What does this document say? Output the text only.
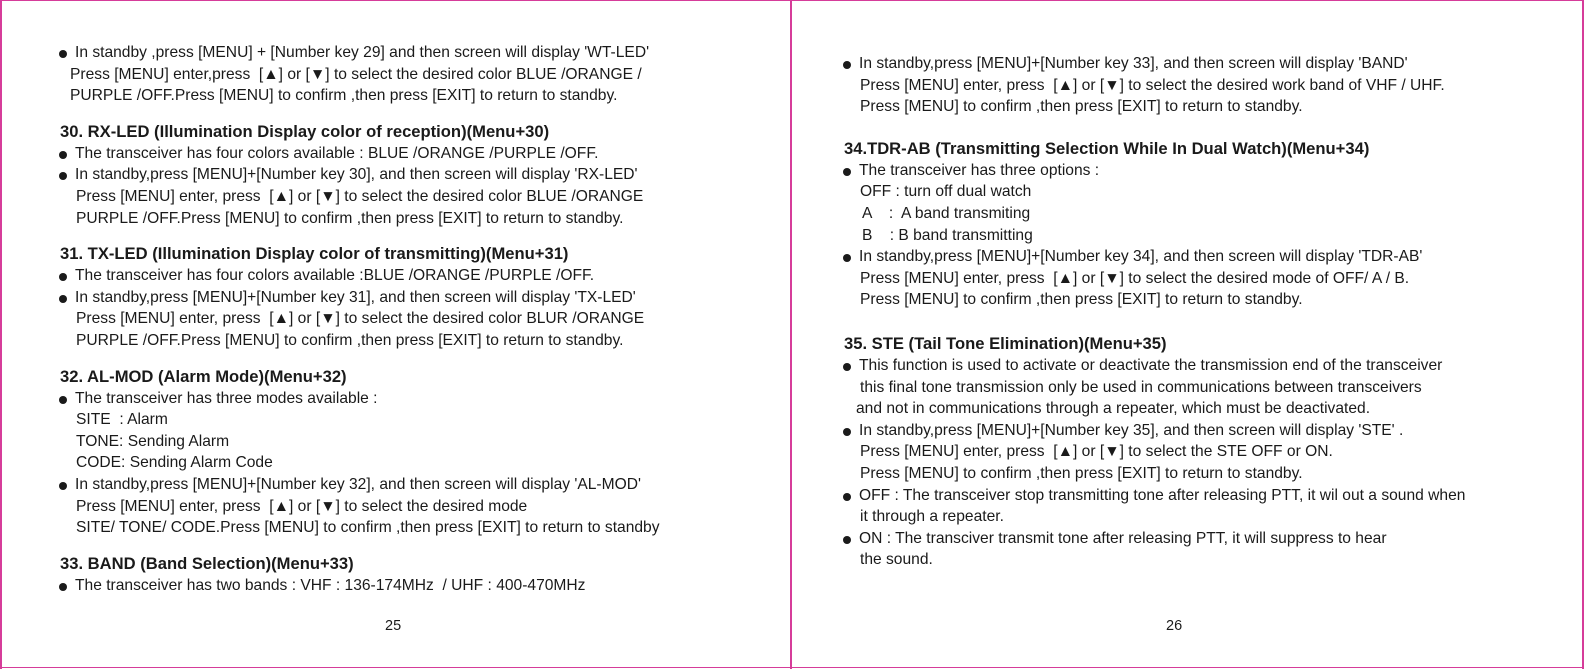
In standby ,press [MENU] + [Number key 29] and then screen will display 'WT-LED'
Press [MENU] enter,press  [▲] or [▼] to select the desired color BLUE /ORANGE /
PURPLE /OFF.Press [MENU] to confirm ,then press [EXIT] to return to standby.
30. RX-LED (Illumination Display color of reception)(Menu+30)
The transceiver has four colors available : BLUE /ORANGE /PURPLE /OFF.
In standby,press [MENU]+[Number key 30], and then screen will display 'RX-LED'
Press [MENU] enter, press  [▲] or [▼] to select the desired color BLUE /ORANGE
PURPLE /OFF.Press [MENU] to confirm ,then press [EXIT] to return to standby.
31. TX-LED (Illumination Display color of transmitting)(Menu+31)
The transceiver has four colors available :BLUE /ORANGE /PURPLE /OFF.
In standby,press [MENU]+[Number key 31], and then screen will display 'TX-LED'
Press [MENU] enter, press  [▲] or [▼] to select the desired color BLUR /ORANGE
PURPLE /OFF.Press [MENU] to confirm ,then press [EXIT] to return to standby.
32. AL-MOD (Alarm Mode)(Menu+32)
The transceiver has three modes available :
SITE  : Alarm
TONE: Sending Alarm
CODE: Sending Alarm Code
In standby,press [MENU]+[Number key 32], and then screen will display 'AL-MOD'
Press [MENU] enter, press  [▲] or [▼] to select the desired mode
SITE/ TONE/ CODE.Press [MENU] to confirm ,then press [EXIT] to return to standby
33. BAND (Band Selection)(Menu+33)
The transceiver has two bands : VHF : 136-174MHz  / UHF : 400-470MHz
25
In standby,press [MENU]+[Number key 33], and then screen will display 'BAND'
Press [MENU] enter, press  [▲] or [▼] to select the desired work band of VHF / UHF.
Press [MENU] to confirm ,then press [EXIT] to return to standby.
34.TDR-AB (Transmitting Selection While In Dual Watch)(Menu+34)
The transceiver has three options :
OFF : turn off dual watch
A    :  A band transmiting
B    : B band transmitting
In standby,press [MENU]+[Number key 34], and then screen will display 'TDR-AB'
Press [MENU] enter, press  [▲] or [▼] to select the desired mode of OFF/ A / B.
Press [MENU] to confirm ,then press [EXIT] to return to standby.
35. STE (Tail Tone Elimination)(Menu+35)
This function is used to activate or deactivate the transmission end of the transceiver
this final tone transmission only be used in communications between transceivers
and not in communications through a repeater, which must be deactivated.
In standby,press [MENU]+[Number key 35], and then screen will display 'STE' .
Press [MENU] enter, press  [▲] or [▼] to select the STE OFF or ON.
Press [MENU] to confirm ,then press [EXIT] to return to standby.
OFF : The transceiver stop transmitting tone after releasing PTT, it wil out a sound when
it through a repeater.
ON : The transciver transmit tone after releasing PTT, it will suppress to hear
the sound.
26
